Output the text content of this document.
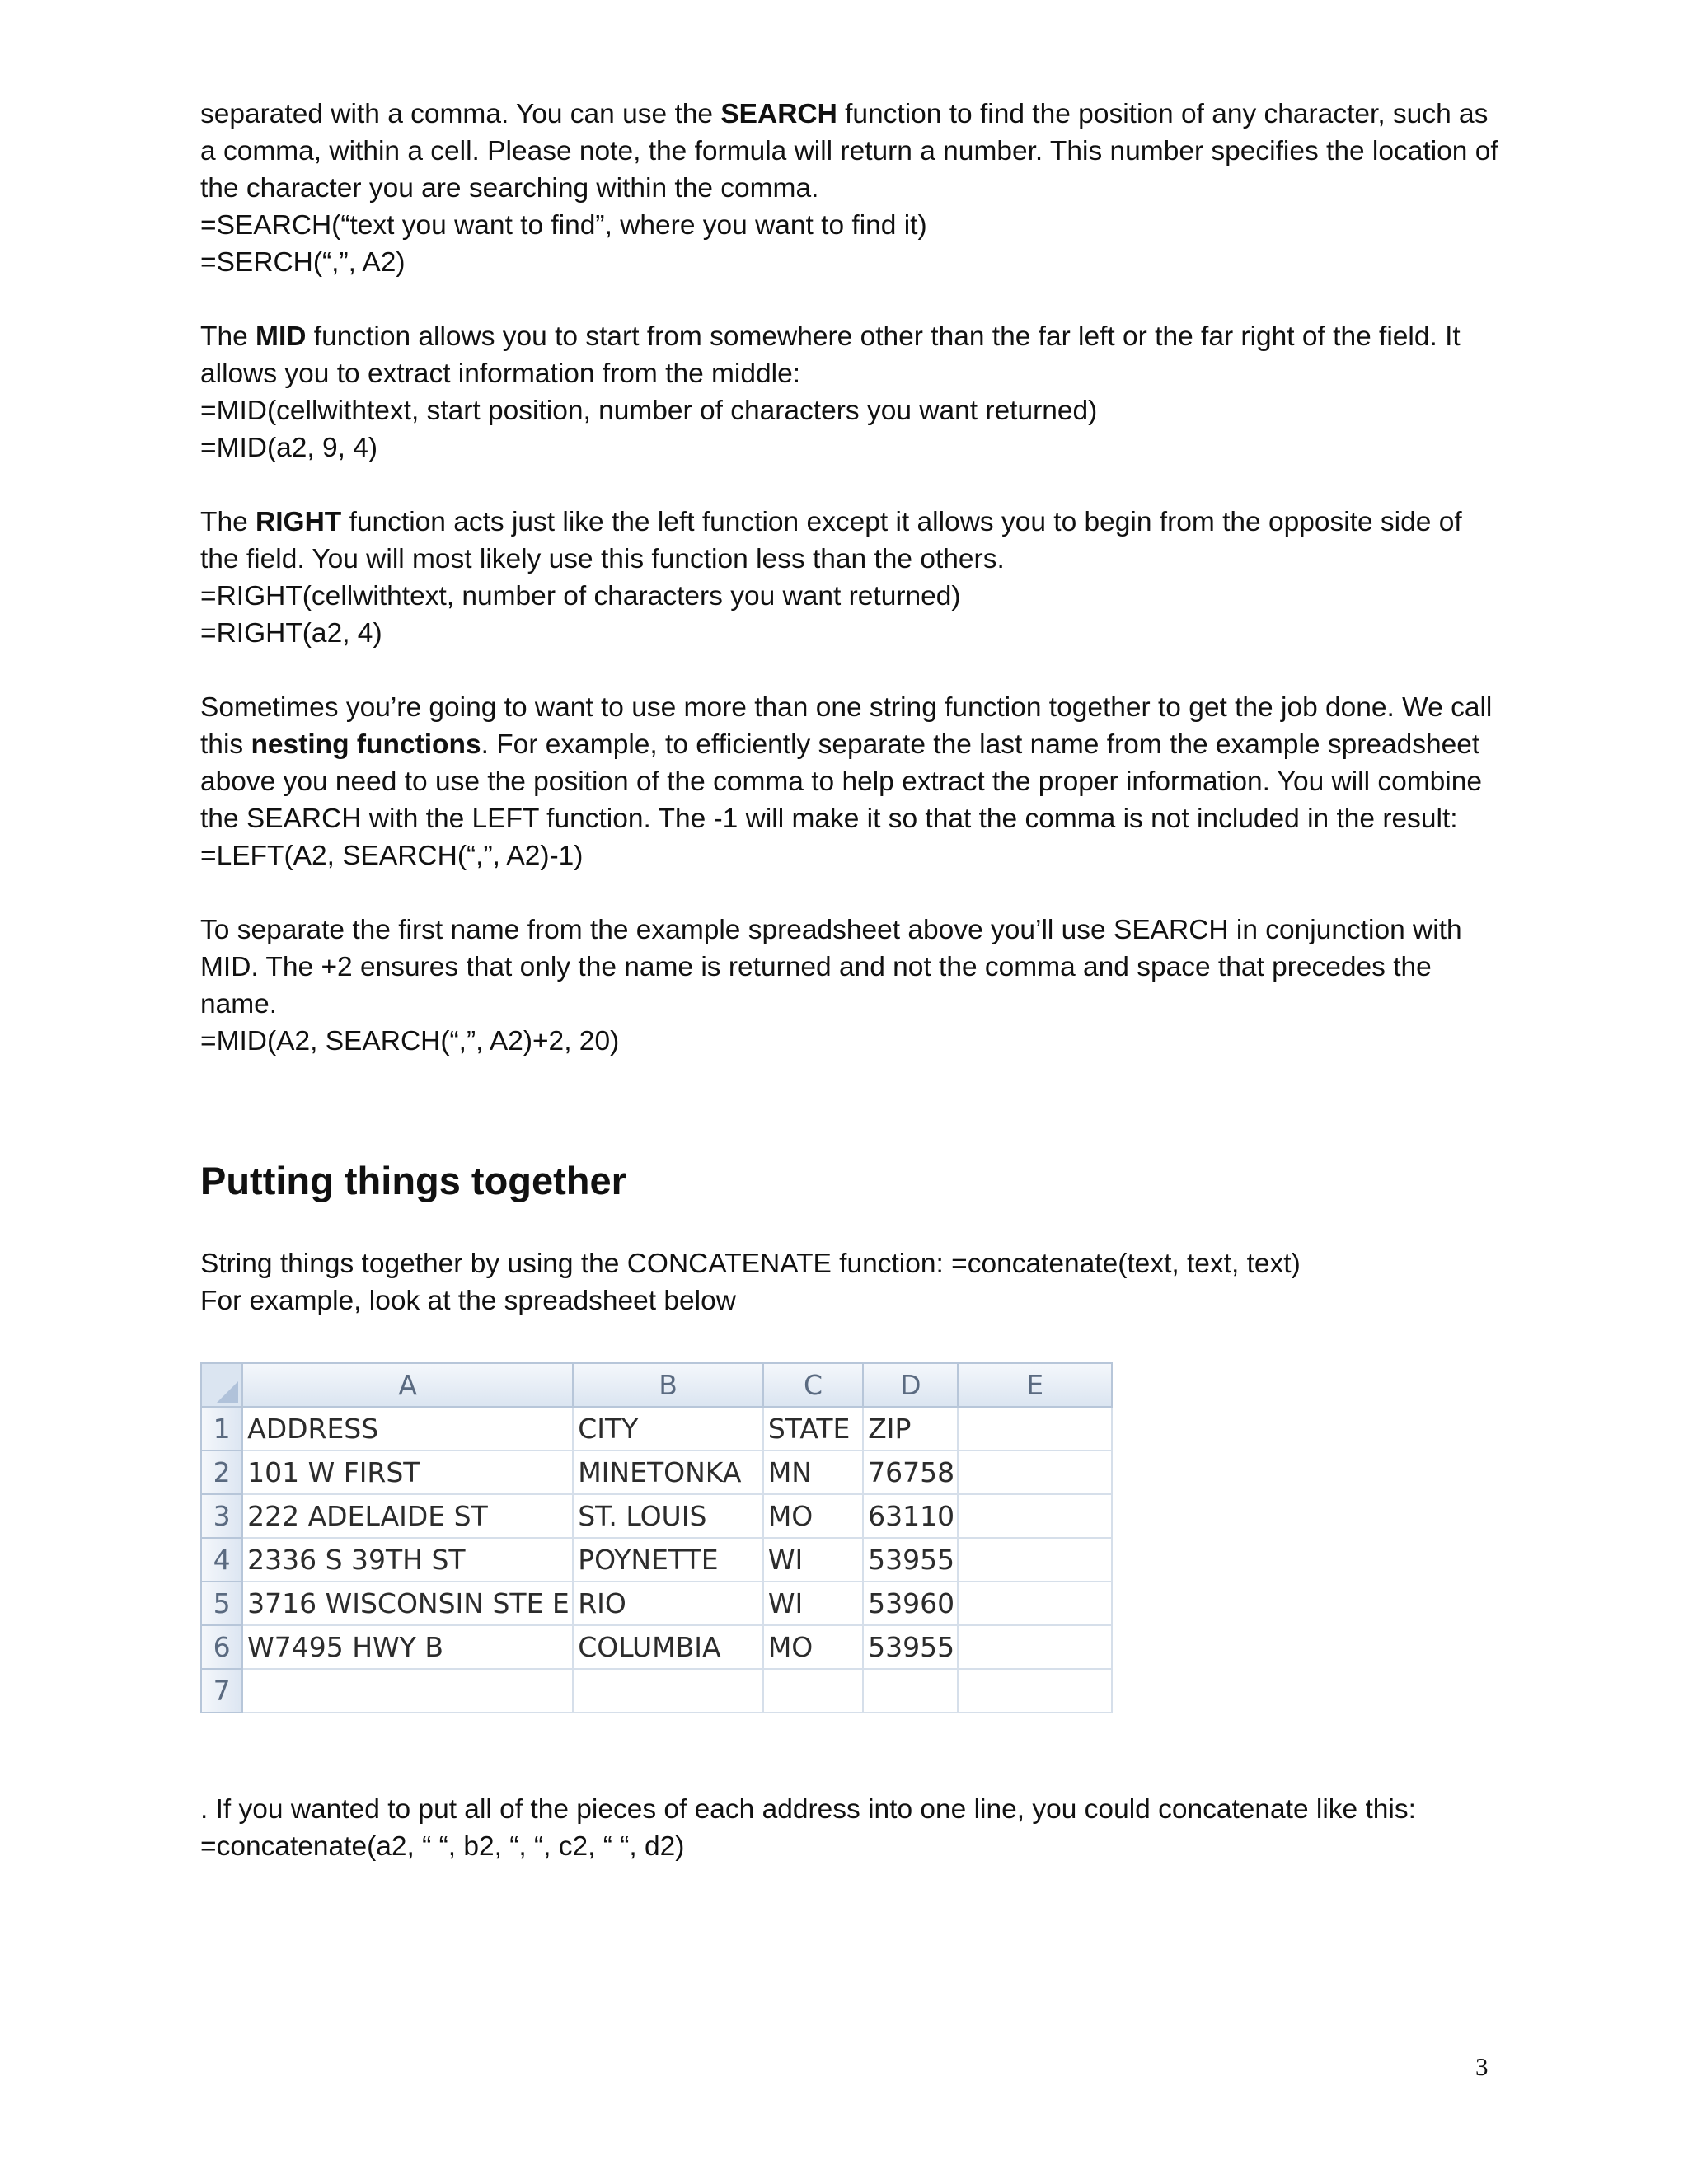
separated with a comma. You can use the SEARCH function to find the position of any character, such as a comma, within a cell. Please note, the formula will return a number. This number specifies the location of the character you are searching within the comma.

=SEARCH(“text you want to find”, where you want to find it)

=SERCH(“,”, A2)

The MID function allows you to start from somewhere other than the far left or the far right of the field. It allows you to extract information from the middle:

=MID(cellwithtext, start position, number of characters you want returned)

=MID(a2, 9, 4)

The RIGHT function acts just like the left function except it allows you to begin from the opposite side of the field. You will most likely use this function less than the others.

=RIGHT(cellwithtext, number of characters you want returned)

=RIGHT(a2, 4)

Sometimes you’re going to want to use more than one string function together to get the job done. We call this nesting functions. For example, to efficiently separate the last name from the example spreadsheet above you need to use the position of the comma to help extract the proper information. You will combine the SEARCH with the LEFT function. The -1 will make it so that the comma is not included in the result:

=LEFT(A2, SEARCH(“,”, A2)-1)

To separate the first name from the example spreadsheet above you’ll use SEARCH in conjunction with MID. The +2 ensures that only the name is returned and not the comma and space that precedes the name.

=MID(A2, SEARCH(“,”, A2)+2, 20)

Putting things together

String things together by using the CONCATENATE function: =concatenate(text, text, text)

For example, look at the spreadsheet below

	A	B	C	D	E
1	ADDRESS	CITY	STATE	ZIP	
2	101 W FIRST	MINETONKA	MN	76758	
3	222 ADELAIDE ST	ST. LOUIS	MO	63110	
4	2336 S 39TH ST	POYNETTE	WI	53955	
5	3716 WISCONSIN STE E	RIO	WI	53960	
6	W7495 HWY B	COLUMBIA	MO	53955	
7					

. If you wanted to put all of the pieces of each address into one line, you could concatenate like this:

=concatenate(a2, “ “, b2, “, “, c2, “ “, d2)

3
